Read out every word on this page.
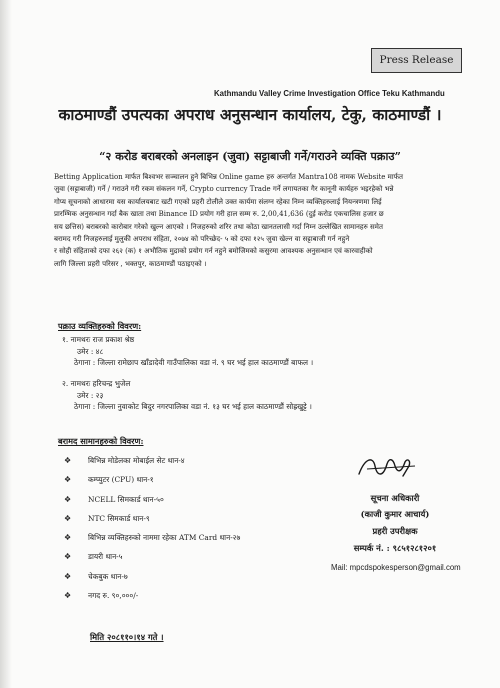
Press Release
Kathmandu Valley Crime Investigation Office Teku Kathmandu
काठमाण्डौं उपत्यका अपराध अनुसन्धान कार्यालय, टेकु, काठमाण्डौं ।
“२ करोड बराबरको अनलाइन (जुवा) सट्टाबाजी गर्ने/गराउने व्यक्ति पक्राउ”
Betting Application मार्फत बिश्वभर सञ्चालन हुने बिभिन्न Online game हरु अन्तर्गत Mantra108 नामक Website मार्फत
जुवा (सट्टाबाजी) गर्ने / गराउने गरी रकम संकलन गर्ने, Crypto currency Trade गर्ने लगायतका गैर कानूनी कार्यहरु भइरहेको भन्ने
गोप्य सूचनाको आधारमा यस कार्यालयबाट खटी गएको प्रहरी टोलीले उक्त कार्यमा संलग्न रहेका निम्न व्यक्तिहरुलाई नियन्त्रणमा लिई
प्रारम्भिक अनुसन्धान गर्दा बैक खाता तथा Binance ID प्रयोग गरी हाल सम्म रु. 2,00,41,636 (दुई करोड एकचालिस हजार छ
सय छत्तिस) बराबरको कारोबार गरेको खुल्न आएको । निजहरुको शरिर तथा कोठा खानतलासी गर्दा निम्न उल्लेखित सामानहरु समेत
बरामद गरी निजहरुलाई मुलुकी अपराध संहिता, २०७४ को परिच्छेद- ५ को दफा १२५ जुवा खेल्न वा सट्टाबाजी गर्न नहुने
र सोही संहिताको दफा २६२ (क) १ अभौतिक मुद्राको प्रयोग गर्न नहुने बमोजिमको कसुरमा आवश्यक अनुसन्धान एवं कारवाहीको
लागि जिल्ला प्रहरी परिसर , भक्तपुर, काठमाण्डौं पठाइएको ।
पक्राउ व्यक्तिहरुको विवरण:
१. नामथरः राज प्रकाश श्रेष्ठ
उमेर : ४८
ठेगाना : जिल्ला रामेछाप खाँडादेवी गाउँपालिका वडा नं. ९ घर भई हाल काठमाण्डौं बाफल ।
२. नामथरः हरिचन्द्र भुजेल
उमेर : २३
ठेगाना : जिल्ला नुवाकोट बिदुर नगरपालिका वडा नं. १३ घर भई हाल काठमाण्डौं सोह्रखुट्टे ।
बरामद सामानहरुको विवरण:
❖ बिभिन्न मोडेलका मोबाईल सेट थान-४
❖ कम्प्युटर (CPU) थान-१
❖ NCELL सिमकार्ड थान-५०
❖ NTC सिमकार्ड थान-९
❖ बिभिन्न व्यक्तिहरुको नाममा रहेका ATM Card थान-२७
❖ डायरी थान-५
❖ चेकबुक थान-७
❖ नगद रु. ९०,०००/-
सूचना अधिकारी
(काजी कुमार आचार्य)
प्रहरी उपरीक्षक
सम्पर्क नं. : ९८५१२८१२०१
Mail: mpcdspokesperson@gmail.com
मिति २०८११०।१४ गते ।
